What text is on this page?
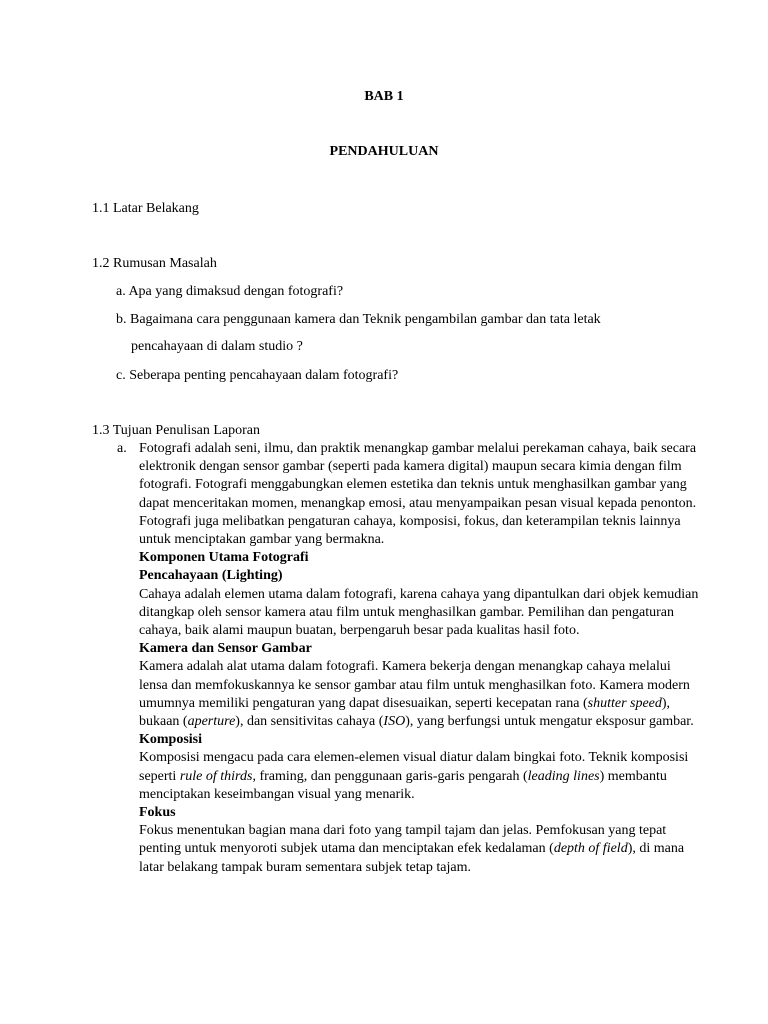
BAB 1
PENDAHULUAN
1.1 Latar Belakang
1.2 Rumusan Masalah
a. Apa yang dimaksud dengan fotografi?
b. Bagaimana cara penggunaan kamera dan Teknik pengambilan gambar dan tata letak
pencahayaan di dalam studio ?
c. Seberapa penting pencahayaan dalam fotografi?
1.3 Tujuan Penulisan Laporan
a. Fotografi adalah seni, ilmu, dan praktik menangkap gambar melalui perekaman cahaya, baik secara elektronik dengan sensor gambar (seperti pada kamera digital) maupun secara kimia dengan film fotografi. Fotografi menggabungkan elemen estetika dan teknis untuk menghasilkan gambar yang dapat menceritakan momen, menangkap emosi, atau menyampaikan pesan visual kepada penonton. Fotografi juga melibatkan pengaturan cahaya, komposisi, fokus, dan keterampilan teknis lainnya untuk menciptakan gambar yang bermakna.

Komponen Utama Fotografi

Pencahayaan (Lighting)

Cahaya adalah elemen utama dalam fotografi, karena cahaya yang dipantulkan dari objek kemudian ditangkap oleh sensor kamera atau film untuk menghasilkan gambar. Pemilihan dan pengaturan cahaya, baik alami maupun buatan, berpengaruh besar pada kualitas hasil foto.

Kamera dan Sensor Gambar

Kamera adalah alat utama dalam fotografi. Kamera bekerja dengan menangkap cahaya melalui lensa dan memfokuskannya ke sensor gambar atau film untuk menghasilkan foto. Kamera modern umumnya memiliki pengaturan yang dapat disesuaikan, seperti kecepatan rana (shutter speed), bukaan (aperture), dan sensitivitas cahaya (ISO), yang berfungsi untuk mengatur eksposur gambar.

Komposisi

Komposisi mengacu pada cara elemen-elemen visual diatur dalam bingkai foto. Teknik komposisi seperti rule of thirds, framing, dan penggunaan garis-garis pengarah (leading lines) membantu menciptakan keseimbangan visual yang menarik.

Fokus

Fokus menentukan bagian mana dari foto yang tampil tajam dan jelas. Pemfokusan yang tepat penting untuk menyoroti subjek utama dan menciptakan efek kedalaman (depth of field), di mana latar belakang tampak buram sementara subjek tetap tajam.
